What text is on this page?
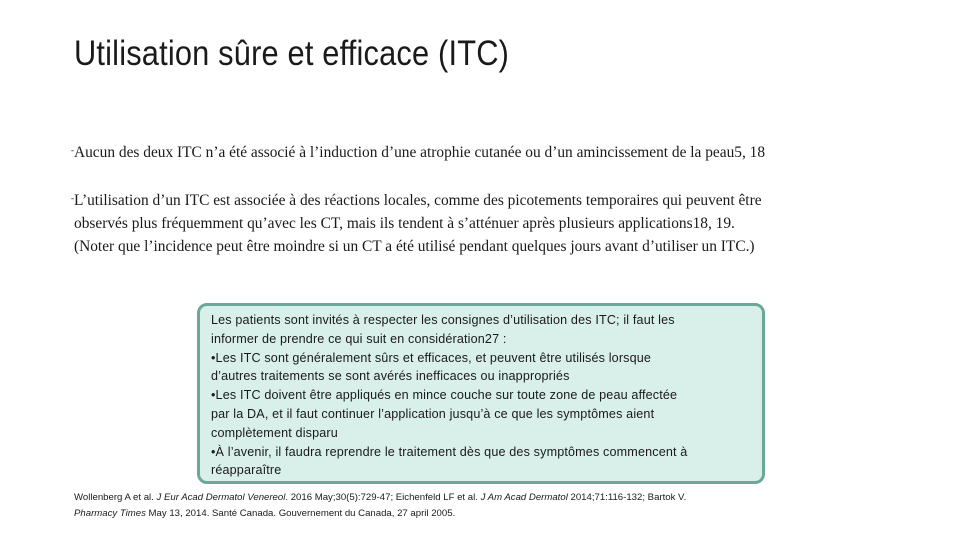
Utilisation sûre et efficace (ITC)
- Aucun des deux ITC n’a été associé à l’induction d’une atrophie cutanée ou d’un amincissement de la peau5, 18
- L’utilisation d’un ITC est associée à des réactions locales, comme des picotements temporaires qui peuvent être
observés plus fréquemment qu’avec les CT, mais ils tendent à s’atténuer après plusieurs applications18, 19.
(Noter que l’incidence peut être moindre si un CT a été utilisé pendant quelques jours avant d’utiliser un ITC.)
Les patients sont invités à respecter les consignes d’utilisation des ITC; il faut les
informer de prendre ce qui suit en considération27 :
•Les ITC sont généralement sûrs et efficaces, et peuvent être utilisés lorsque
d’autres traitements se sont avérés inefficaces ou inappropriés
•Les ITC doivent être appliqués en mince couche sur toute zone de peau affectée
par la DA, et il faut continuer l’application jusqu’à ce que les symptômes aient
complètement disparu
•À l’avenir, il faudra reprendre le traitement dès que des symptômes commencent à
réapparaître
Wollenberg A et al. J Eur Acad Dermatol Venereol. 2016 May;30(5):729-47; Eichenfeld LF et al. J Am Acad Dermatol 2014;71:116-132; Bartok V.
Pharmacy Times May 13, 2014. Santé Canada. Gouvernement du Canada, 27 april 2005.
